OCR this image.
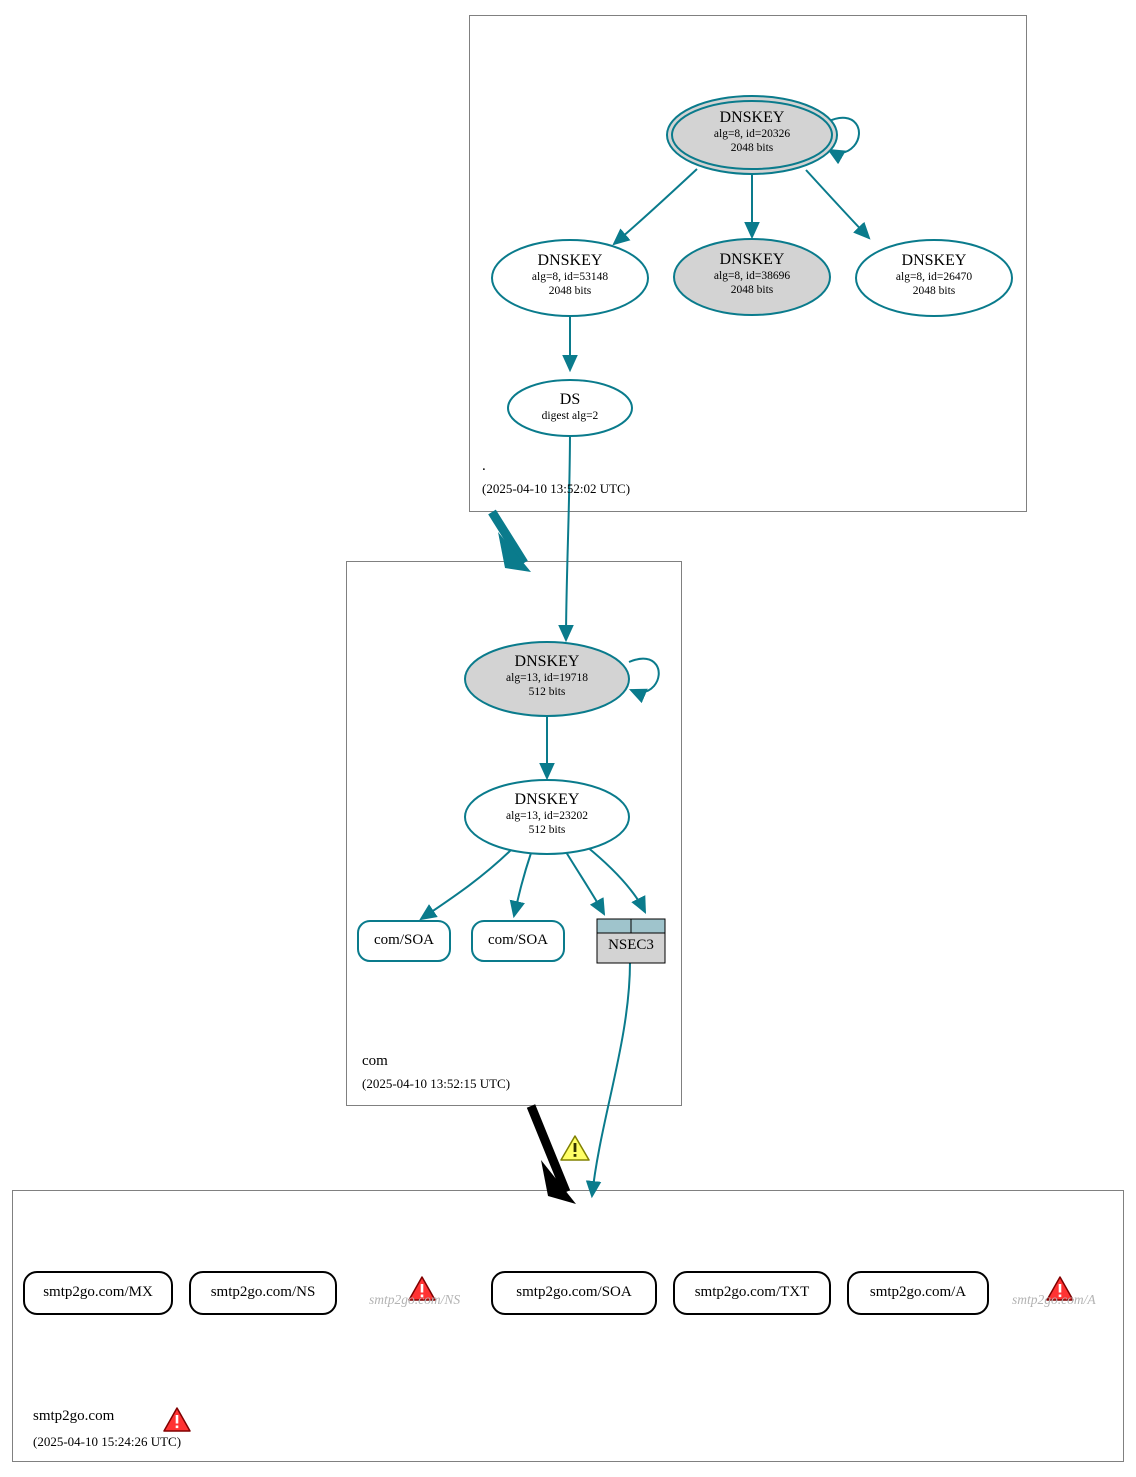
DNSKEY
alg=8, id=20326
2048 bits
DNSKEY
alg=8, id=53148
2048 bits
DNSKEY
alg=8, id=38696
2048 bits
DNSKEY
alg=8, id=26470
2048 bits
DS
digest alg=2
DNSKEY
alg=13, id=19718
512 bits
DNSKEY
alg=13, id=23202
512 bits
com/SOA	com/SOA	NSEC3
smtp2go.com/MX	smtp2go.com/NS	smtp2go.com/NS	smtp2go.com/SOA	smtp2go.com/TXT	smtp2go.com/A	smtp2go.com/A
.
(2025-04-10 13:52:02 UTC)
com
(2025-04-10 13:52:15 UTC)
smtp2go.com
(2025-04-10 15:24:26 UTC)
